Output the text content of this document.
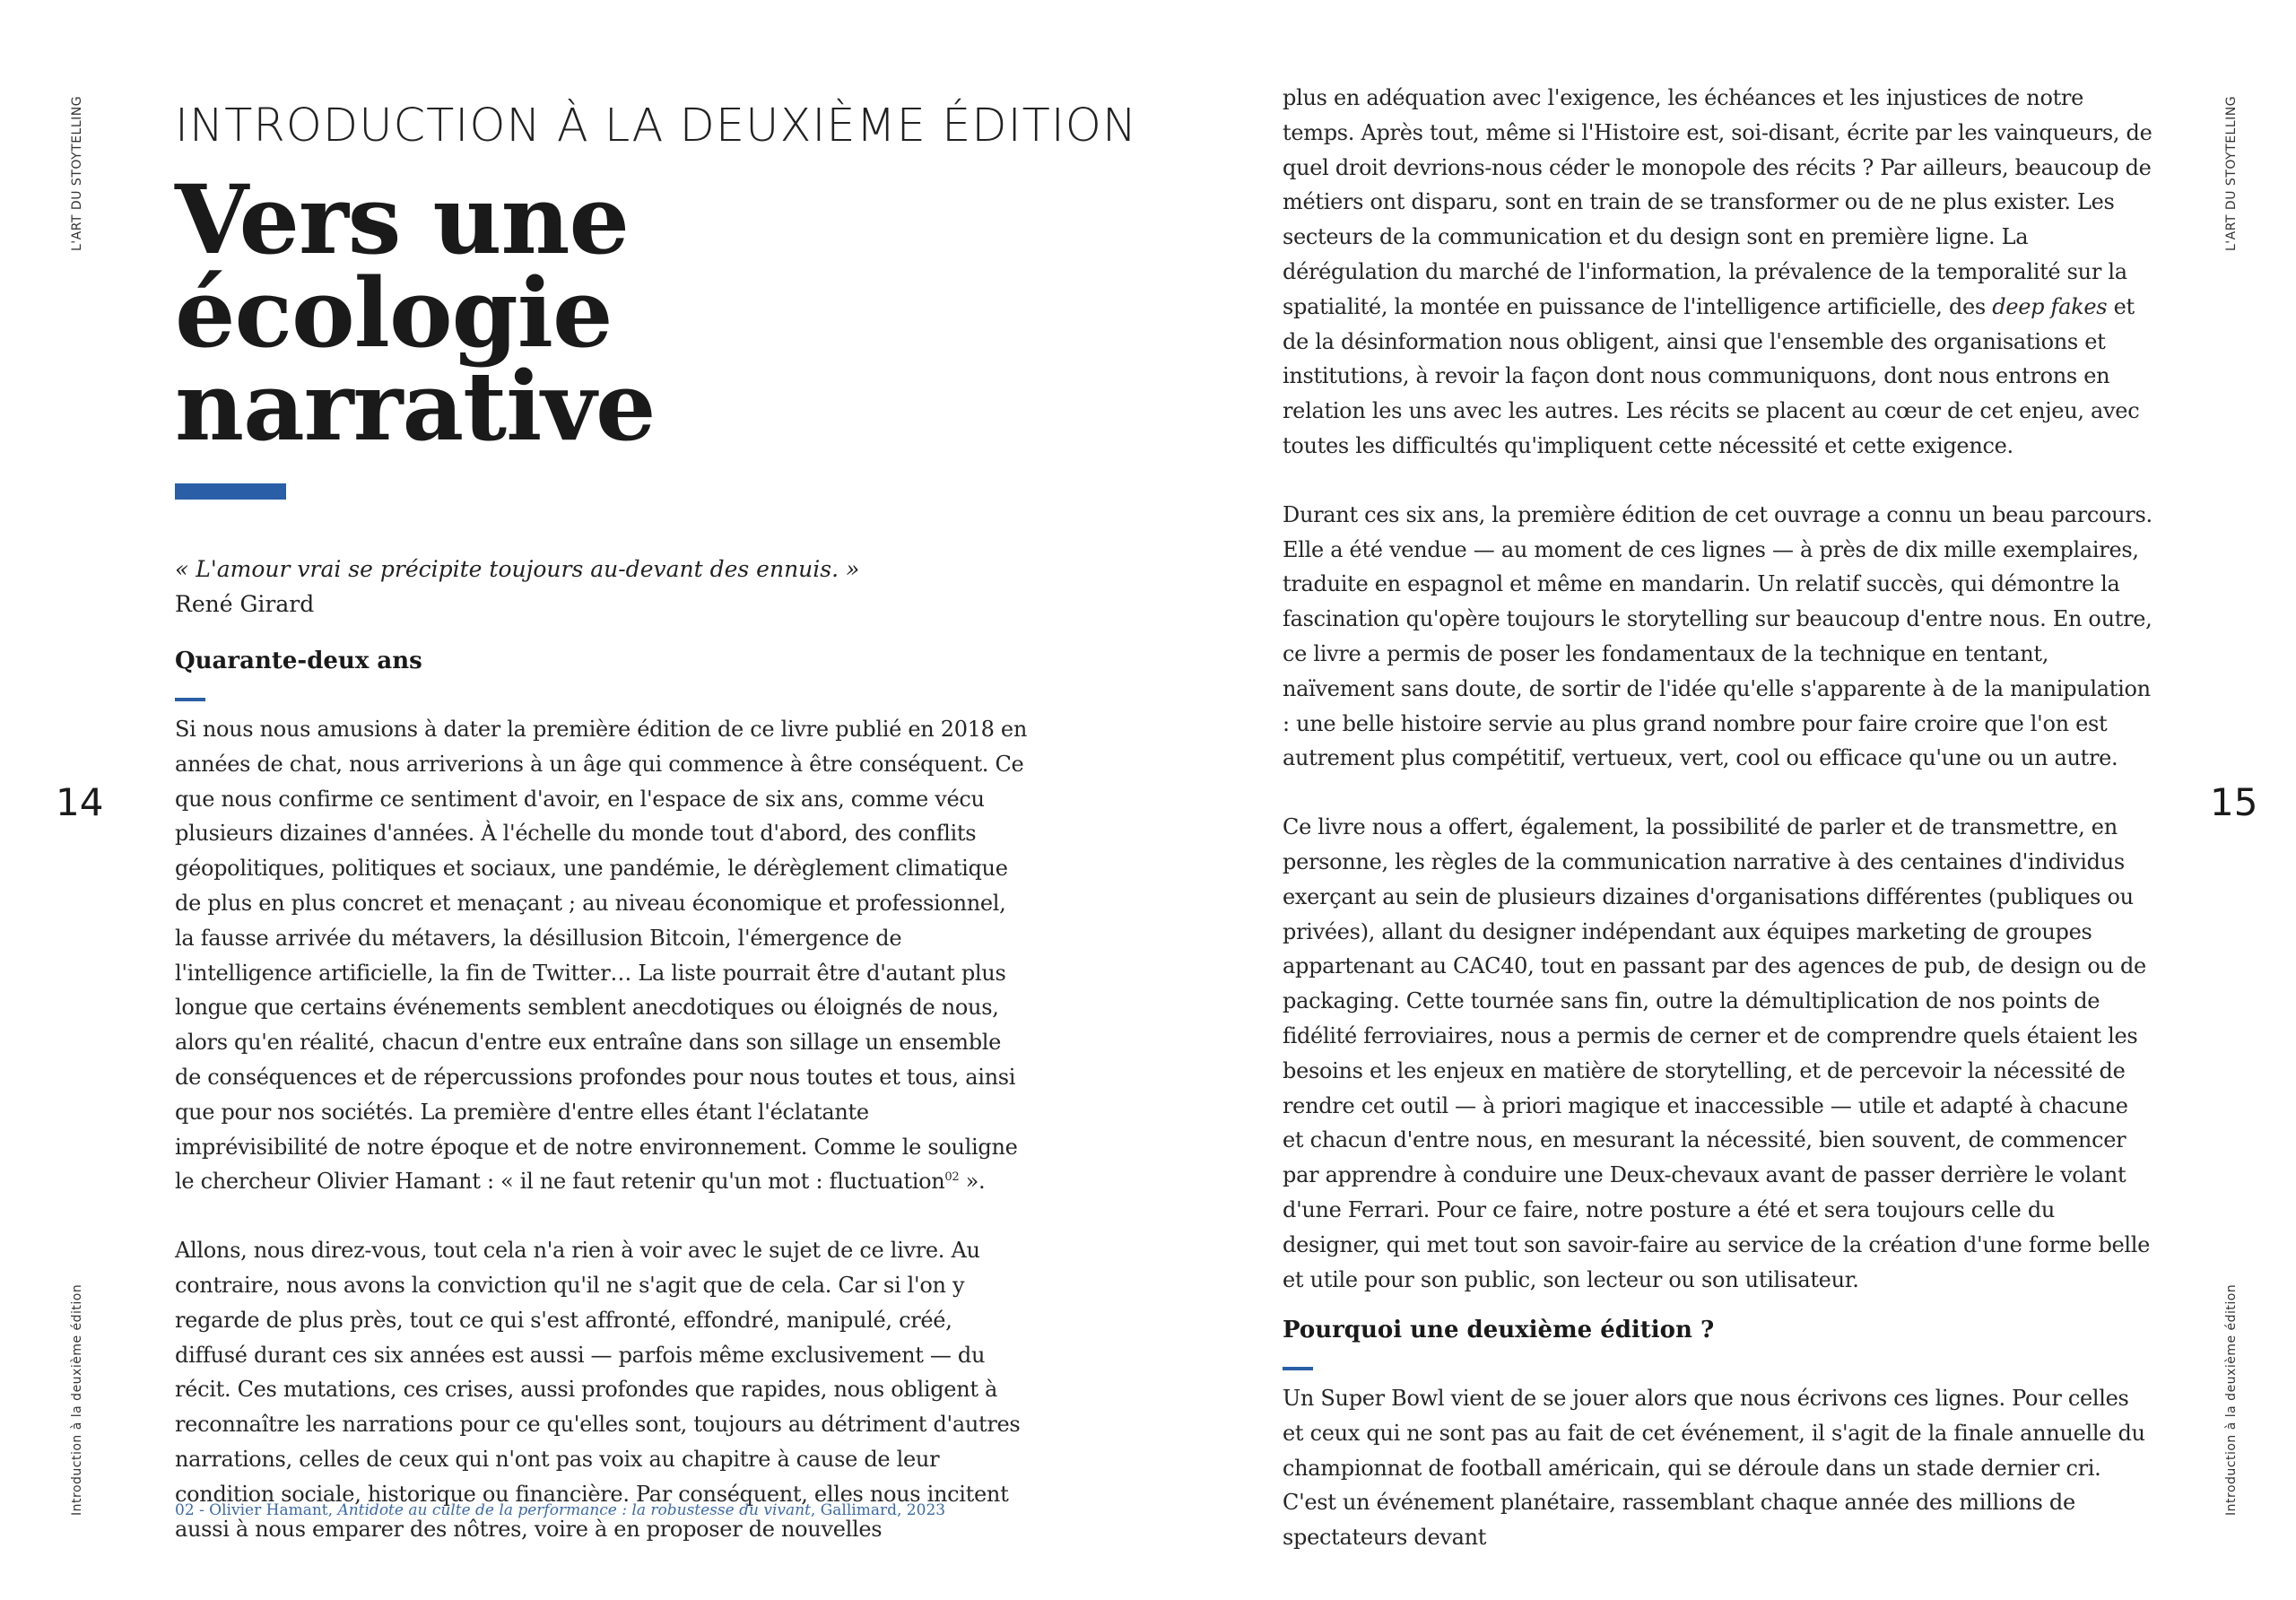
L'ART DU STOYTELLING
Introduction à la deuxième édition
L'ART DU STOYTELLING
Introduction à la deuxième édition
14	15
INTRODUCTION À LA DEUXIÈME ÉDITION
Vers une écologie
narrative
« L'amour vrai se précipite toujours au-devant des ennuis. »
René Girard
Quarante-deux ans

Si nous nous amusions à dater la première édition de ce livre publié en 2018 en années de chat, nous arriverions à un âge qui commence à être conséquent. Ce que nous confirme ce sentiment d'avoir, en l'espace de six ans, comme vécu plusieurs dizaines d'années. À l'échelle du monde tout d'abord, des conflits géopolitiques, politiques et sociaux, une pandémie, le dérèglement climatique de plus en plus concret et menaçant ; au niveau économique et professionnel, la fausse arrivée du métavers, la désillusion Bitcoin, l'émergence de l'intelligence artificielle, la fin de Twitter… La liste pourrait être d'autant plus longue que certains événements semblent anecdotiques ou éloignés de nous, alors qu'en réalité, chacun d'entre eux entraîne dans son sillage un ensemble de conséquences et de répercussions profondes pour nous toutes et tous, ainsi que pour nos sociétés. La première d'entre elles étant l'éclatante imprévisibilité de notre époque et de notre environnement. Comme le souligne le chercheur Olivier Hamant : « il ne faut retenir qu'un mot : fluctuation$^{02}$ ».

Allons, nous direz-vous, tout cela n'a rien à voir avec le sujet de ce livre. Au contraire, nous avons la conviction qu'il ne s'agit que de cela. Car si l'on y regarde de plus près, tout ce qui s'est affronté, effondré, manipulé, créé, diffusé durant ces six années est aussi — parfois même exclusivement — du récit. Ces mutations, ces crises, aussi profondes que rapides, nous obligent à reconnaître les narrations pour ce qu'elles sont, toujours au détriment d'autres narrations, celles de ceux qui n'ont pas voix au chapitre à cause de leur condition sociale, historique ou financière. Par conséquent, elles nous incitent aussi à nous emparer des nôtres, voire à en proposer de nouvelles

02 - Olivier Hamant, Antidote au culte de la performance : la robustesse du vivant, Gallimard, 2023

plus en adéquation avec l'exigence, les échéances et les injustices de notre temps. Après tout, même si l'Histoire est, soi-disant, écrite par les vainqueurs, de quel droit devrions-nous céder le monopole des récits ? Par ailleurs, beaucoup de métiers ont disparu, sont en train de se transformer ou de ne plus exister. Les secteurs de la communication et du design sont en première ligne. La dérégulation du marché de l'information, la prévalence de la temporalité sur la spatialité, la montée en puissance de l'intelligence artificielle, des deep fakes et de la désinformation nous obligent, ainsi que l'ensemble des organisations et institutions, à revoir la façon dont nous communiquons, dont nous entrons en relation les uns avec les autres. Les récits se placent au cœur de cet enjeu, avec toutes les difficultés qu'impliquent cette nécessité et cette exigence.

Durant ces six ans, la première édition de cet ouvrage a connu un beau parcours. Elle a été vendue — au moment de ces lignes — à près de dix mille exemplaires, traduite en espagnol et même en mandarin. Un relatif succès, qui démontre la fascination qu'opère toujours le storytelling sur beaucoup d'entre nous. En outre, ce livre a permis de poser les fondamentaux de la technique en tentant, naïvement sans doute, de sortir de l'idée qu'elle s'apparente à de la manipulation : une belle histoire servie au plus grand nombre pour faire croire que l'on est autrement plus compétitif, vertueux, vert, cool ou efficace qu'une ou un autre.

Ce livre nous a offert, également, la possibilité de parler et de transmettre, en personne, les règles de la communication narrative à des centaines d'individus exerçant au sein de plusieurs dizaines d'organisations différentes (publiques ou privées), allant du designer indépendant aux équipes marketing de groupes appartenant au CAC40, tout en passant par des agences de pub, de design ou de packaging. Cette tournée sans fin, outre la démultiplication de nos points de fidélité ferroviaires, nous a permis de cerner et de comprendre quels étaient les besoins et les enjeux en matière de storytelling, et de percevoir la nécessité de rendre cet outil — à priori magique et inaccessible — utile et adapté à chacune et chacun d'entre nous, en mesurant la nécessité, bien souvent, de commencer par apprendre à conduire une Deux-chevaux avant de passer derrière le volant d'une Ferrari. Pour ce faire, notre posture a été et sera toujours celle du designer, qui met tout son savoir-faire au service de la création d'une forme belle et utile pour son public, son lecteur ou son utilisateur.

Pourquoi une deuxième édition ?

Un Super Bowl vient de se jouer alors que nous écrivons ces lignes. Pour celles et ceux qui ne sont pas au fait de cet événement, il s'agit de la finale annuelle du championnat de football américain, qui se déroule dans un stade dernier cri. C'est un événement planétaire, rassemblant chaque année des millions de spectateurs devant
